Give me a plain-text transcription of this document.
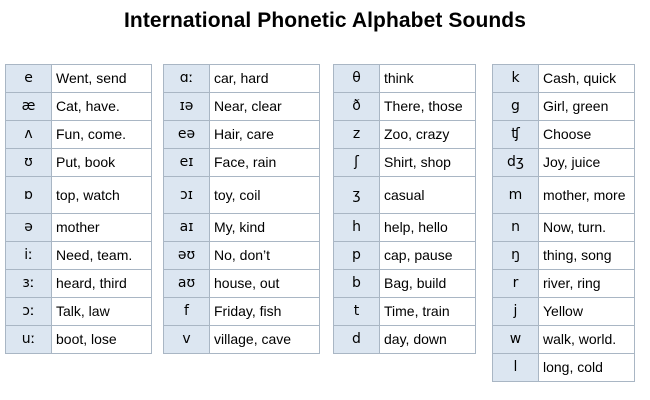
International Phonetic Alphabet Sounds
e	Went, send
æ	Cat, have.
ʌ	Fun, come.
ʊ	Put, book
ɒ	top, watch
ə	mother
iː	Need, team.
ɜː	heard, third
ɔː	Talk, law
uː	boot, lose
ɑː	car, hard
ɪə	Near, clear
eə	Hair, care
eɪ	Face, rain
ɔɪ	toy, coil
aɪ	My, kind
əʊ	No, don’t
aʊ	house, out
f	Friday, fish
v	village, cave
θ	think
ð	There, those
z	Zoo, crazy
ʃ	Shirt, shop
ʒ	casual
h	help, hello
p	cap, pause
b	Bag, build
t	Time, train
d	day, down
k	Cash, quick
g	Girl, green
ʧ	Choose
dʒ	Joy, juice
m	mother, more
n	Now, turn.
ŋ	thing, song
r	river, ring
j	Yellow
w	walk, world.
l	long, cold
